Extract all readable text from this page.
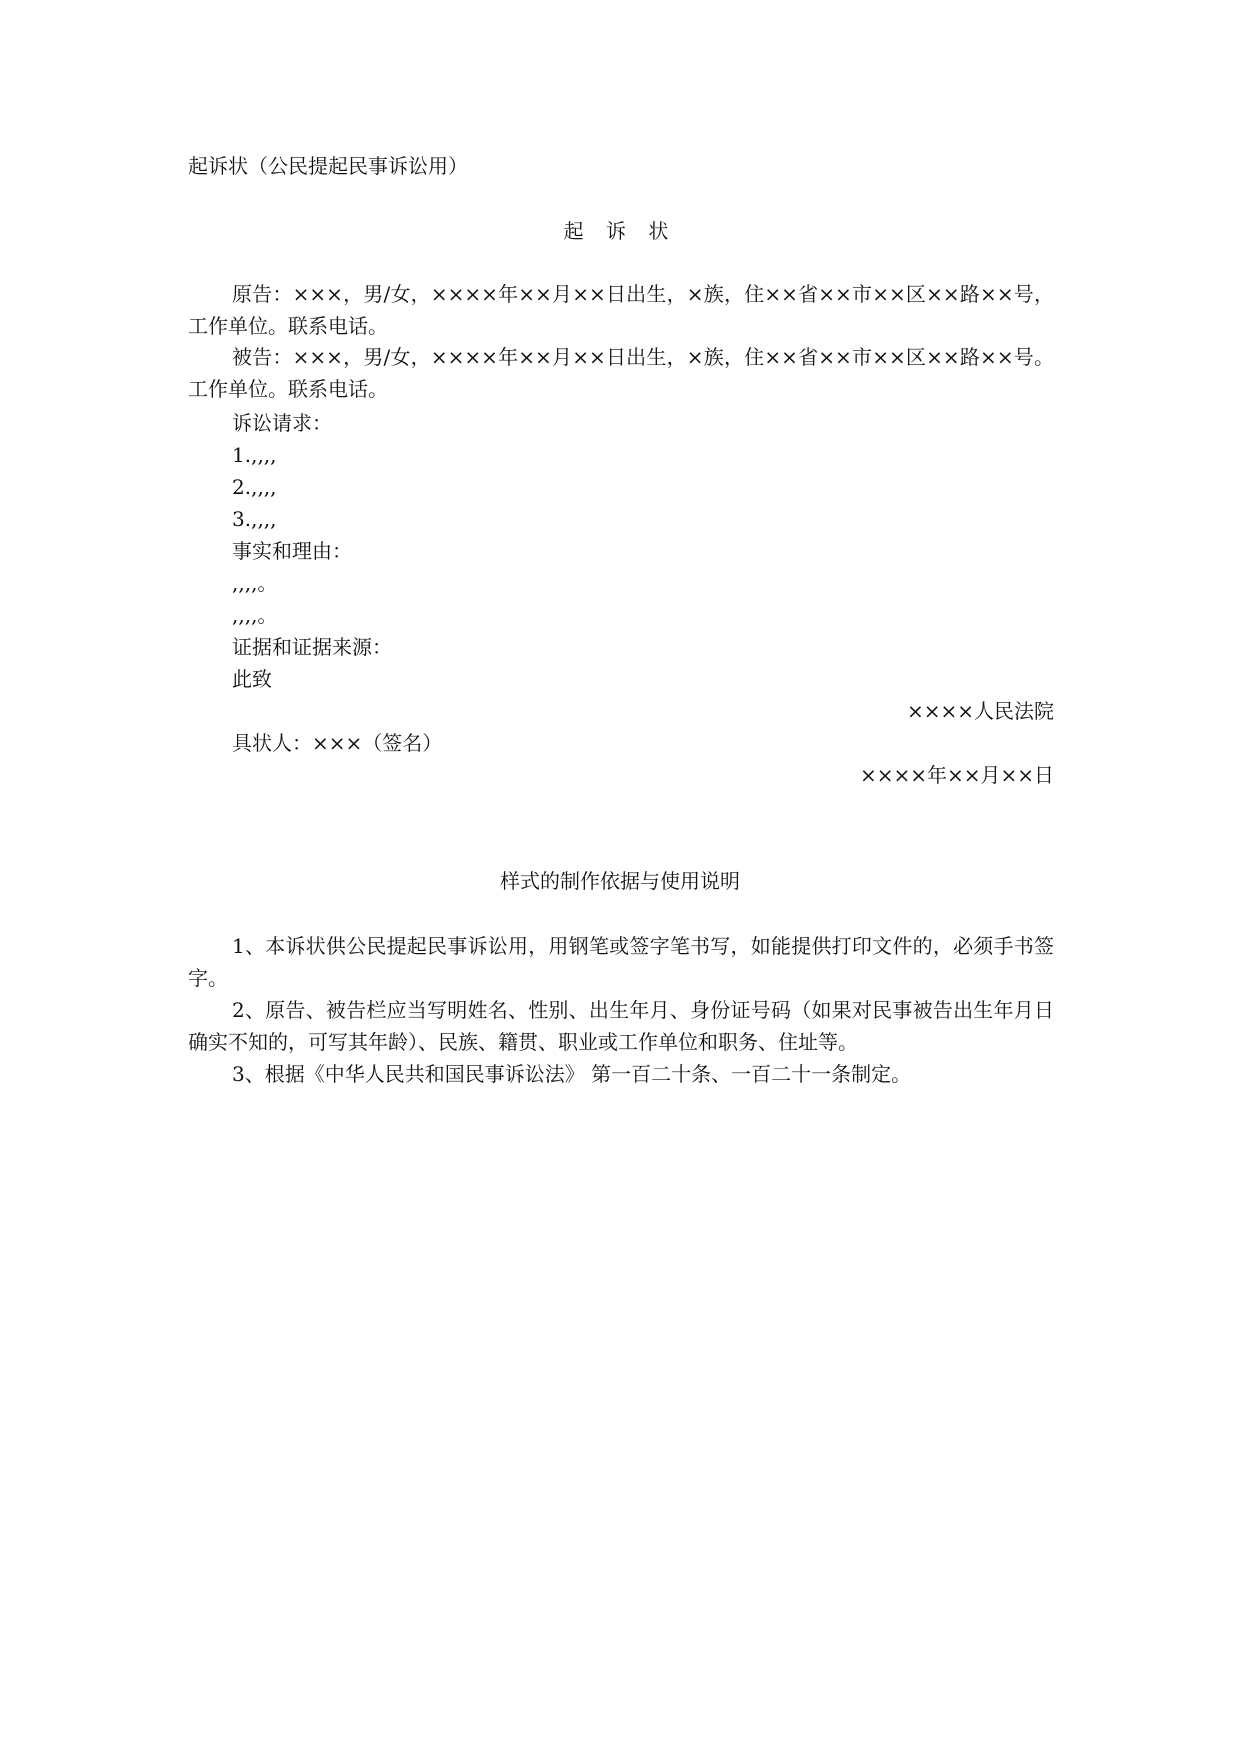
起诉状（公民提起民事诉讼用）
起 诉 状
原告：×××，男/女，××××年××月××日出生，×族，住××省××市××区××路××号，工作单位。联系电话。
被告：×××，男/女，××××年××月××日出生，×族，住××省××市××区××路××号。工作单位。联系电话。
诉讼请求：
1.,,,,
2.,,,,
3.,,,,
事实和理由：
,,,,。
,,,,。
证据和证据来源：
此致
××××人民法院
具状人：×××（签名）
××××年××月××日
样式的制作依据与使用说明
1、本诉状供公民提起民事诉讼用，用钢笔或签字笔书写，如能提供打印文件的，必须手书签字。
2、原告、被告栏应当写明姓名、性别、出生年月、身份证号码（如果对民事被告出生年月日确实不知的，可写其年龄）、民族、籍贯、职业或工作单位和职务、住址等。
3、根据《中华人民共和国民事诉讼法》 第一百二十条、一百二十一条制定。
